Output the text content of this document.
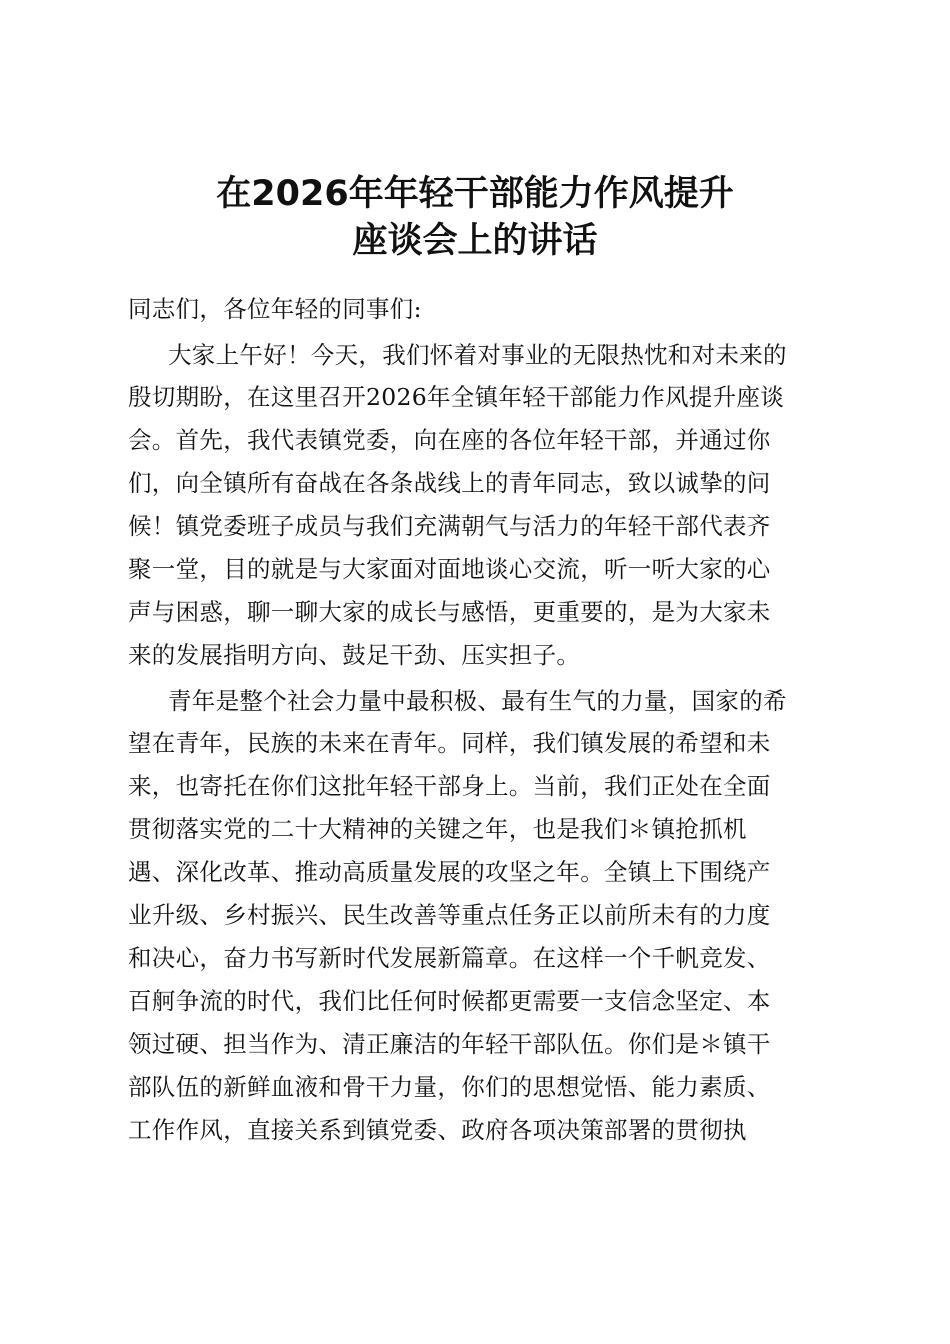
在2026年年轻干部能力作风提升
座谈会上的讲话
同志们，各位年轻的同事们:
大家上午好！今天，我们怀着对事业的无限热忱和对未来的
殷切期盼，在这里召开2026年全镇年轻干部能力作风提升座谈
会。首先，我代表镇党委，向在座的各位年轻干部，并通过你
们，向全镇所有奋战在各条战线上的青年同志，致以诚挚的问
候！镇党委班子成员与我们充满朝气与活力的年轻干部代表齐
聚一堂，目的就是与大家面对面地谈心交流，听一听大家的心
声与困惑，聊一聊大家的成长与感悟，更重要的，是为大家未
来的发展指明方向、鼓足干劲、压实担子。
青年是整个社会力量中最积极、最有生气的力量，国家的希
望在青年，民族的未来在青年。同样，我们镇发展的希望和未
来，也寄托在你们这批年轻干部身上。当前，我们正处在全面
贯彻落实党的二十大精神的关键之年，也是我们＊镇抢抓机
遇、深化改革、推动高质量发展的攻坚之年。全镇上下围绕产
业升级、乡村振兴、民生改善等重点任务正以前所未有的力度
和决心，奋力书写新时代发展新篇章。在这样一个千帆竞发、
百舸争流的时代，我们比任何时候都更需要一支信念坚定、本
领过硬、担当作为、清正廉洁的年轻干部队伍。你们是＊镇干
部队伍的新鲜血液和骨干力量，你们的思想觉悟、能力素质、
工作作风，直接关系到镇党委、政府各项决策部署的贯彻执
